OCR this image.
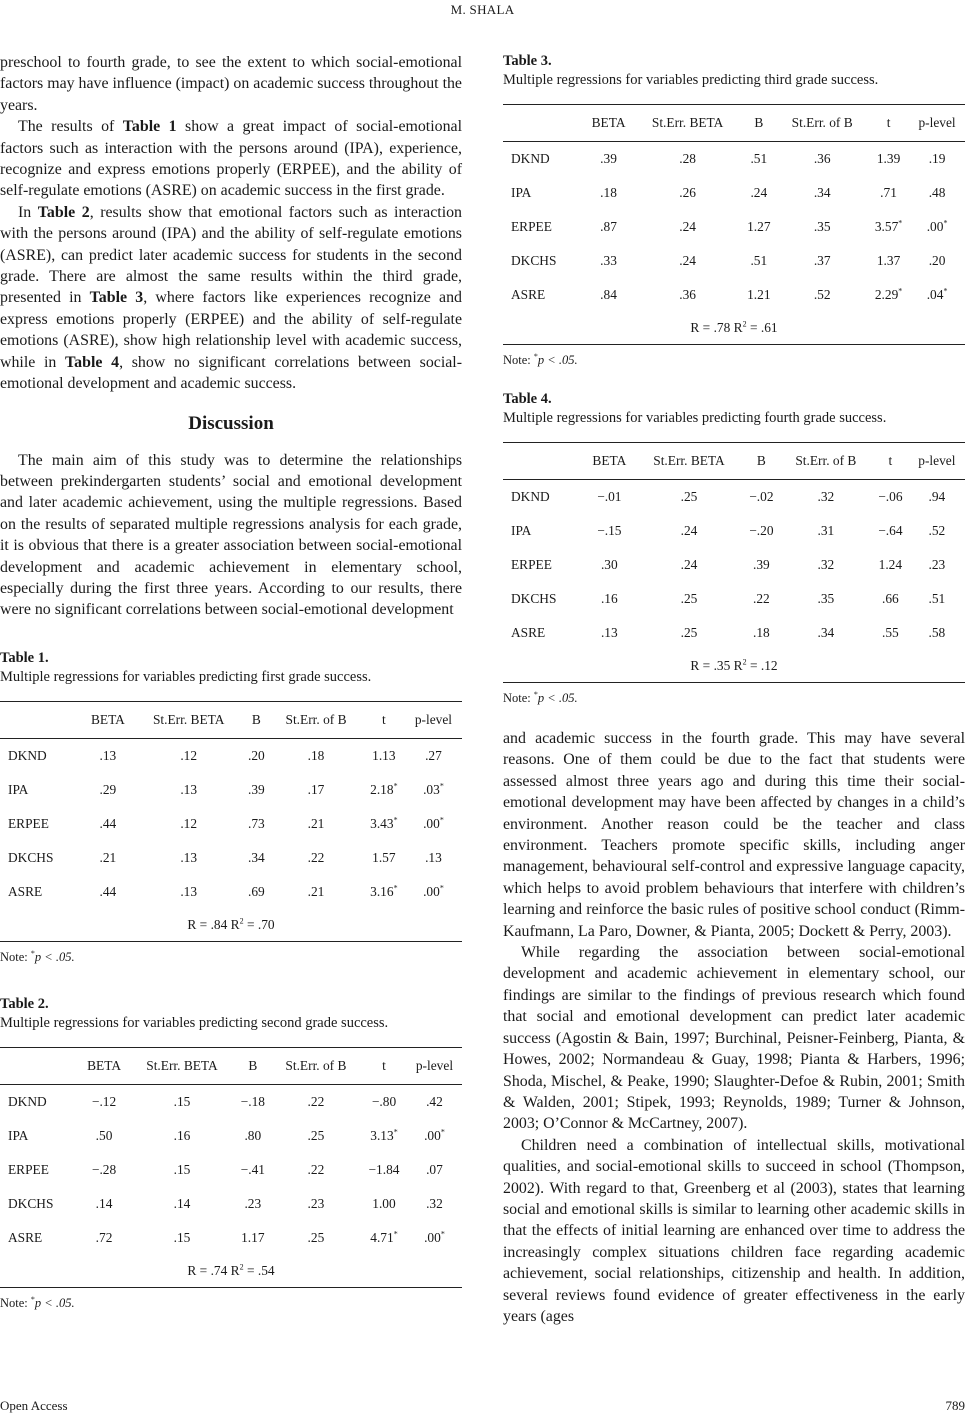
M. SHALA

preschool to fourth grade, to see the extent to which social-emotional factors may have influence (impact) on academic success throughout the years.

The results of Table 1 show a great impact of social-emotional factors such as interaction with the persons around (IPA), experience, recognize and express emotions properly (ERPEE), and the ability of self-regulate emotions (ASRE) on academic success in the first grade.

In Table 2, results show that emotional factors such as interaction with the persons around (IPA) and the ability of self-regulate emotions (ASRE), can predict later academic success for students in the second grade. There are almost the same results within the third grade, presented in Table 3, where factors like experiences recognize and express emotions properly (ERPEE) and the ability of self-regulate emotions (ASRE), show high relationship level with academic success, while in Table 4, show no significant correlations between social-emotional development and academic success.

Discussion

The main aim of this study was to determine the relationships between prekindergarten students’ social and emotional development and later academic achievement, using the multiple regressions. Based on the results of separated multiple regressions analysis for each grade, it is obvious that there is a greater association between social-emotional development and academic achievement in elementary school, especially during the first three years. According to our results, there were no significant correlations between social-emotional development

Table 1.
Multiple regressions for variables predicting first grade success.
	BETA	St.Err. BETA	B	St.Err. of B	t	p-level
DKND	.13	.12	.20	.18	1.13	.27
IPA	.29	.13	.39	.17	2.18*	.03*
ERPEE	.44	.12	.73	.21	3.43*	.00*
DKCHS	.21	.13	.34	.22	1.57	.13
ASRE	.44	.13	.69	.21	3.16*	.00*
R = .84 $R^2 = .70$						
Note: *p < .05.
Table 2.
Multiple regressions for variables predicting second grade success.
	BETA	St.Err. BETA	B	St.Err. of B	t	p-level
DKND	−.12	.15	−.18	.22	−.80	.42
IPA	.50	.16	.80	.25	3.13*	.00*
ERPEE	−.28	.15	−.41	.22	−1.84	.07
DKCHS	.14	.14	.23	.23	1.00	.32
ASRE	.72	.15	1.17	.25	4.71*	.00*
R = .74 $R^2 = .54$						
Note: *p < .05.
Table 3.
Multiple regressions for variables predicting third grade success.
	BETA	St.Err. BETA	B	St.Err. of B	t	p-level
DKND	.39	.28	.51	.36	1.39	.19
IPA	.18	.26	.24	.34	.71	.48
ERPEE	.87	.24	1.27	.35	3.57*	.00*
DKCHS	.33	.24	.51	.37	1.37	.20
ASRE	.84	.36	1.21	.52	2.29*	.04*
R = .78 $R^2 = .61$						
Note: *p < .05.
Table 4.
Multiple regressions for variables predicting fourth grade success.
	BETA	St.Err. BETA	B	St.Err. of B	t	p-level
DKND	−.01	.25	−.02	.32	−.06	.94
IPA	−.15	.24	−.20	.31	−.64	.52
ERPEE	.30	.24	.39	.32	1.24	.23
DKCHS	.16	.25	.22	.35	.66	.51
ASRE	.13	.25	.18	.34	.55	.58
R = .35 $R^2 = .12$						
Note: *p < .05.

and academic success in the fourth grade. This may have several reasons. One of them could be due to the fact that students were assessed almost three years ago and during this time their social-emotional development may have been affected by changes in a child’s environment. Another reason could be the teacher and class environment. Teachers promote specific skills, including anger management, behavioural self-control and expressive language capacity, which helps to avoid problem behaviours that interfere with children’s learning and reinforce the basic rules of positive school conduct (Rimm-Kaufmann, La Paro, Downer, & Pianta, 2005; Dockett & Perry, 2003).

While regarding the association between social-emotional development and academic achievement in elementary school, our findings are similar to the findings of previous research which found that social and emotional development can predict later academic success (Agostin & Bain, 1997; Burchinal, Peisner-Feinberg, Pianta, & Howes, 2002; Normandeau & Guay, 1998; Pianta & Harbers, 1996; Shoda, Mischel, & Peake, 1990; Slaughter-Defoe & Rubin, 2001; Smith & Walden, 2001; Stipek, 1993; Reynolds, 1989; Turner & Johnson, 2003; O’Connor & McCartney, 2007).

Children need a combination of intellectual skills, motivational qualities, and social-emotional skills to succeed in school (Thompson, 2002). With regard to that, Greenberg et al (2003), states that learning social and emotional skills is similar to learning other academic skills in that the effects of initial learning are enhanced over time to address the increasingly complex situations children face regarding academic achievement, social relationships, citizenship and health. In addition, several reviews found evidence of greater effectiveness in the early years (ages

Open Access	789
